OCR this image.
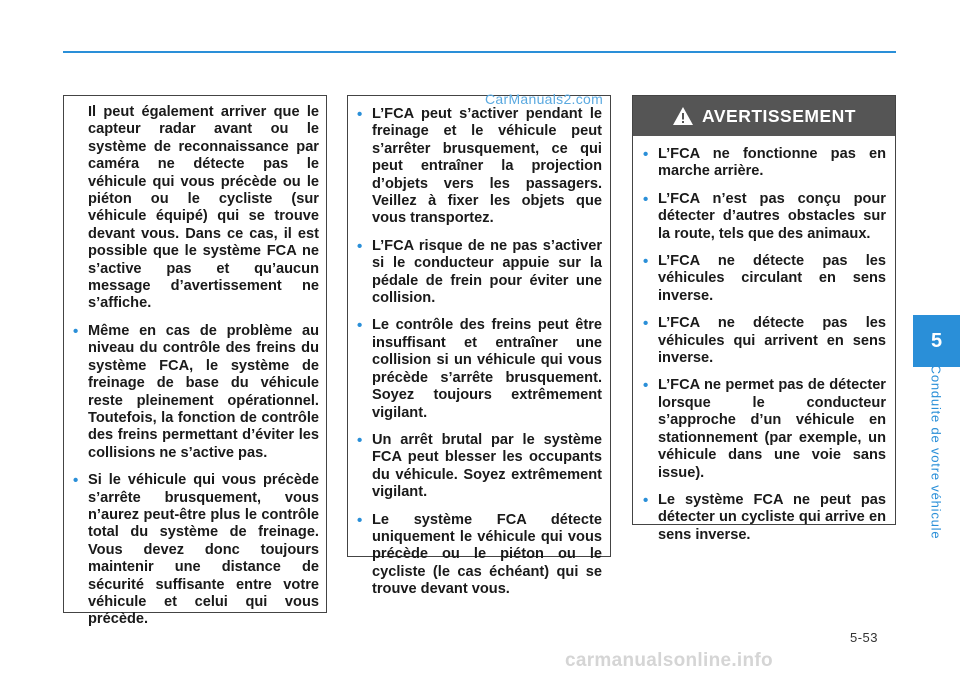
Il peut également arriver que le capteur radar avant ou le système de reconnaissance par caméra ne détecte pas le véhicule qui vous précède ou le piéton ou le cycliste (sur véhicule équipé) qui se trouve devant vous. Dans ce cas, il est possible que le système FCA ne s’active pas et qu’aucun message d’avertissement ne s’affiche.
• Même en cas de problème au niveau du contrôle des freins du système FCA, le système de freinage de base du véhicule reste pleinement opérationnel. Toutefois, la fonction de contrôle des freins permettant d’éviter les collisions ne s’active pas.
• Si le véhicule qui vous précède s’arrête brusquement, vous n’aurez peut-être plus le contrôle total du système de freinage. Vous devez donc toujours maintenir une distance de sécurité suffisante entre votre véhicule et celui qui vous précède.
• L’FCA peut s’activer pendant le freinage et le véhicule peut s’arrêter brusquement, ce qui peut entraîner la projection d’objets vers les passagers. Veillez à fixer les objets que vous transportez.
• L’FCA risque de ne pas s’activer si le conducteur appuie sur la pédale de frein pour éviter une collision.
• Le contrôle des freins peut être insuffisant et entraîner une collision si un véhicule qui vous précède s’arrête brusquement. Soyez toujours extrêmement vigilant.
• Un arrêt brutal par le système FCA peut blesser les occupants du véhicule. Soyez extrêmement vigilant.
• Le système FCA détecte uniquement le véhicule qui vous précède ou le piéton ou le cycliste (le cas échéant) qui se trouve devant vous.
AVERTISSEMENT
• L’FCA ne fonctionne pas en marche arrière.
• L’FCA n’est pas conçu pour détecter d’autres obstacles sur la route, tels que des animaux.
• L’FCA ne détecte pas les véhicules circulant en sens inverse.
• L’FCA ne détecte pas les véhicules qui arrivent en sens inverse.
• L’FCA ne permet pas de détecter lorsque le conducteur s’approche d’un véhicule en stationnement (par exemple, un véhicule dans une voie sans issue).
• Le système FCA ne peut pas détecter un cycliste qui arrive en sens inverse.
CarManuals2.com
5
Conduite de votre véhicule
5-53
carmanualsonline.info
